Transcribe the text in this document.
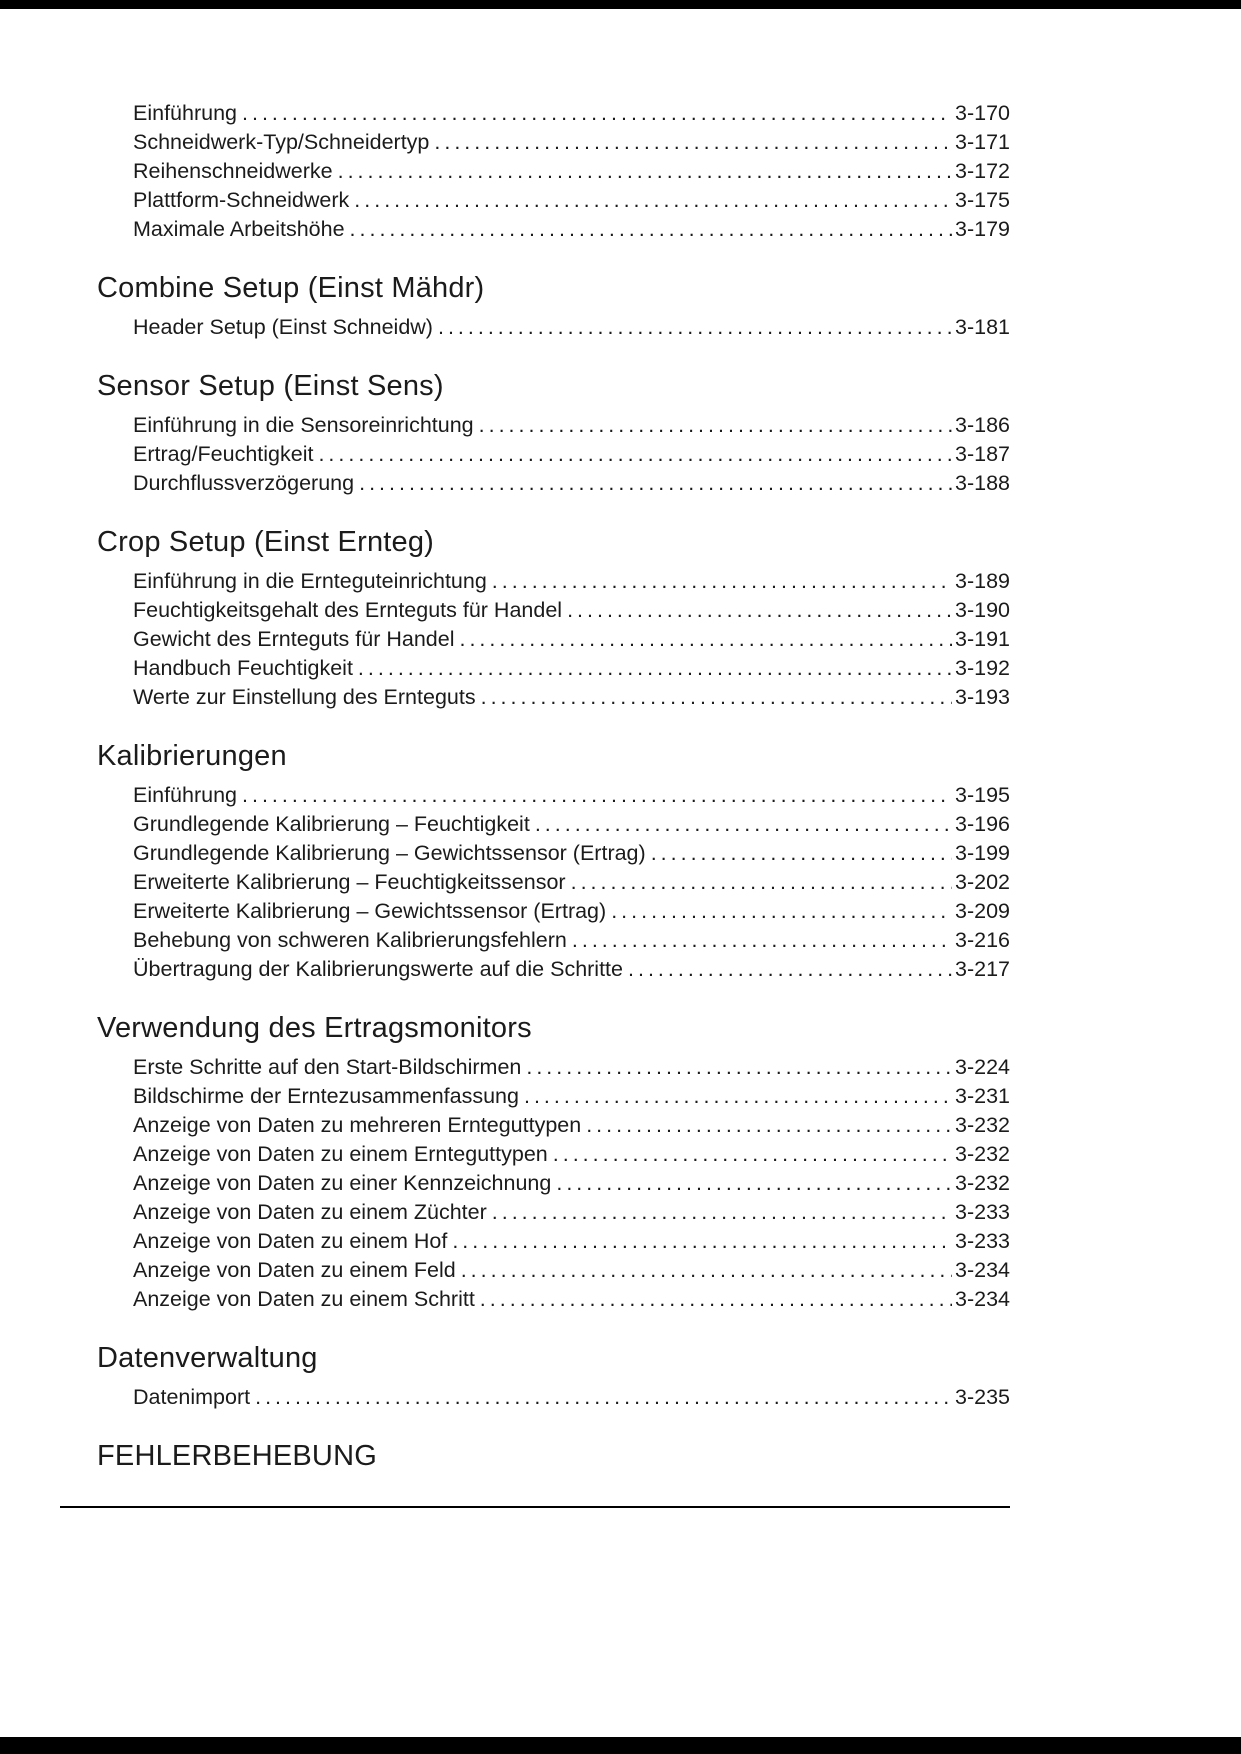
Einführung .....	3-170
Schneidwerk-Typ/Schneidertyp .....	3-171
Reihenschneidwerke .....	3-172
Plattform-Schneidwerk .....	3-175
Maximale Arbeitshöhe .....	3-179
Combine Setup (Einst Mähdr)
Header Setup (Einst Schneidw) .....	3-181
Sensor Setup (Einst Sens)
Einführung in die Sensoreinrichtung .....	3-186
Ertrag/Feuchtigkeit .....	3-187
Durchflussverzögerung .....	3-188
Crop Setup (Einst Ernteg)
Einführung in die Ernteguteinrichtung .....	3-189
Feuchtigkeitsgehalt des Ernteguts für Handel .....	3-190
Gewicht des Ernteguts für Handel .....	3-191
Handbuch Feuchtigkeit .....	3-192
Werte zur Einstellung des Ernteguts .....	3-193
Kalibrierungen
Einführung .....	3-195
Grundlegende Kalibrierung – Feuchtigkeit .....	3-196
Grundlegende Kalibrierung – Gewichtssensor (Ertrag) .....	3-199
Erweiterte Kalibrierung – Feuchtigkeitssensor .....	3-202
Erweiterte Kalibrierung – Gewichtssensor (Ertrag) .....	3-209
Behebung von schweren Kalibrierungsfehlern .....	3-216
Übertragung der Kalibrierungswerte auf die Schritte .....	3-217
Verwendung des Ertragsmonitors
Erste Schritte auf den Start-Bildschirmen .....	3-224
Bildschirme der Erntezusammenfassung .....	3-231
Anzeige von Daten zu mehreren Ernteguttypen .....	3-232
Anzeige von Daten zu einem Ernteguttypen .....	3-232
Anzeige von Daten zu einer Kennzeichnung .....	3-232
Anzeige von Daten zu einem Züchter .....	3-233
Anzeige von Daten zu einem Hof .....	3-233
Anzeige von Daten zu einem Feld .....	3-234
Anzeige von Daten zu einem Schritt .....	3-234
Datenverwaltung
Datenimport .....	3-235
FEHLERBEHEBUNG
